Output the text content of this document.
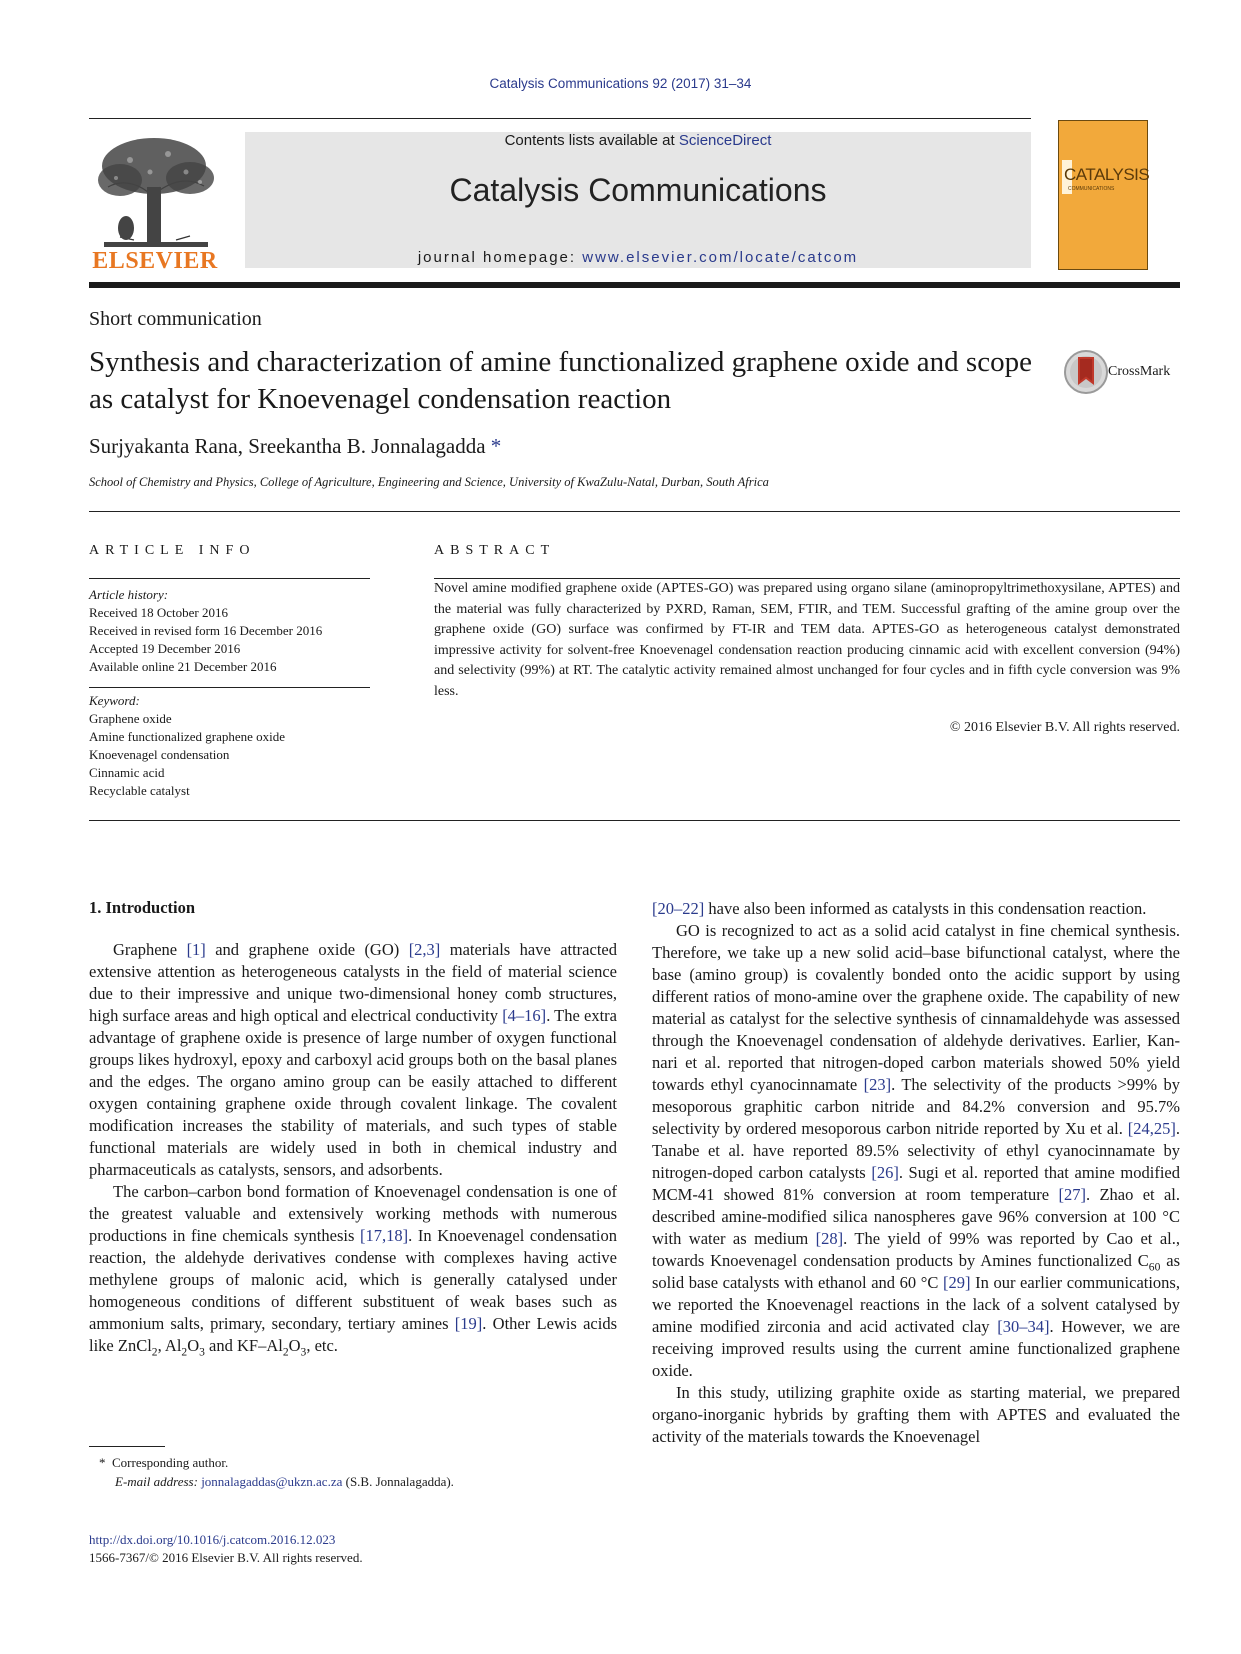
Catalysis Communications 92 (2017) 31–34
ELSEVIER
Contents lists available at ScienceDirect
Catalysis Communications
journal homepage: www.elsevier.com/locate/catcom
CATALYSIS
COMMUNICATIONS
Short communication
Synthesis and characterization of amine functionalized graphene oxide and scope as catalyst for Knoevenagel condensation reaction
CrossMark
Surjyakanta Rana, Sreekantha B. Jonnalagadda *
School of Chemistry and Physics, College of Agriculture, Engineering and Science, University of KwaZulu-Natal, Durban, South Africa
ARTICLE INFO
Article history:
Received 18 October 2016
Received in revised form 16 December 2016
Accepted 19 December 2016
Available online 21 December 2016
Keyword:
Graphene oxide
Amine functionalized graphene oxide
Knoevenagel condensation
Cinnamic acid
Recyclable catalyst
ABSTRACT
Novel amine modified graphene oxide (APTES-GO) was prepared using organo silane (aminopropyltrimethoxysilane, APTES) and the material was fully characterized by PXRD, Raman, SEM, FTIR, and TEM. Successful grafting of the amine group over the graphene oxide (GO) surface was confirmed by FT-IR and TEM data. APTES-GO as heterogeneous catalyst demonstrated impressive activity for solvent-free Knoevenagel condensation reaction producing cinnamic acid with excellent conversion (94%) and selectivity (99%) at RT. The catalytic activity remained almost unchanged for four cycles and in fifth cycle conversion was 9% less.
© 2016 Elsevier B.V. All rights reserved.
1. Introduction

Graphene [1] and graphene oxide (GO) [2,3] materials have attracted extensive attention as heterogeneous catalysts in the field of material science due to their impressive and unique two-dimensional honey comb structures, high surface areas and high optical and electrical conductivity [4–16]. The extra advantage of graphene oxide is presence of large number of oxygen functional groups likes hydroxyl, epoxy and carboxyl acid groups both on the basal planes and the edges. The organo amino group can be easily attached to different oxygen containing graphene oxide through covalent linkage. The covalent modification increases the stability of materials, and such types of stable functional materials are widely used in both in chemical industry and pharmaceuticals as catalysts, sensors, and adsorbents.

The carbon–carbon bond formation of Knoevenagel condensation is one of the greatest valuable and extensively working methods with numerous productions in fine chemicals synthesis [17,18]. In Knoevenagel condensation reaction, the aldehyde derivatives condense with complexes having active methylene groups of malonic acid, which is generally catalysed under homogeneous conditions of different substituent of weak bases such as ammonium salts, primary, secondary, tertiary amines [19]. Other Lewis acids like ZnCl$_2$, $Al_2O_3$ and $KF-Al_2O_3$, etc.

[20–22] have also been informed as catalysts in this condensation reaction.

GO is recognized to act as a solid acid catalyst in fine chemical synthesis. Therefore, we take up a new solid acid–base bifunctional catalyst, where the base (amino group) is covalently bonded onto the acidic support by using different ratios of mono-amine over the graphene oxide. The capability of new material as catalyst for the selective synthesis of cinnamaldehyde was assessed through the Knoevenagel condensation of aldehyde derivatives. Earlier, Kan-nari et al. reported that nitrogen-doped carbon materials showed 50% yield towards ethyl cyanocinnamate [23]. The selectivity of the products >99% by mesoporous graphitic carbon nitride and 84.2% conversion and 95.7% selectivity by ordered mesoporous carbon nitride reported by Xu et al. [24,25]. Tanabe et al. have reported 89.5% selectivity of ethyl cyanocinnamate by nitrogen-doped carbon catalysts [26]. Sugi et al. reported that amine modified MCM-41 showed 81% conversion at room temperature [27]. Zhao et al. described amine-modified silica nanospheres gave 96% conversion at 100 °C with water as medium [28]. The yield of 99% was reported by Cao et al., towards Knoevenagel condensation products by Amines functionalized $C_{60}$ as solid base catalysts with ethanol and 60 °C [29] In our earlier communications, we reported the Knoevenagel reactions in the lack of a solvent catalysed by amine modified zirconia and acid activated clay [30–34]. However, we are receiving improved results using the current amine functionalized graphene oxide.

In this study, utilizing graphite oxide as starting material, we prepared organo-inorganic hybrids by grafting them with APTES and evaluated the activity of the materials towards the Knoevenagel

* Corresponding author.
E-mail address: jonnalagaddas@ukzn.ac.za (S.B. Jonnalagadda).
http://dx.doi.org/10.1016/j.catcom.2016.12.023
1566-7367/© 2016 Elsevier B.V. All rights reserved.
